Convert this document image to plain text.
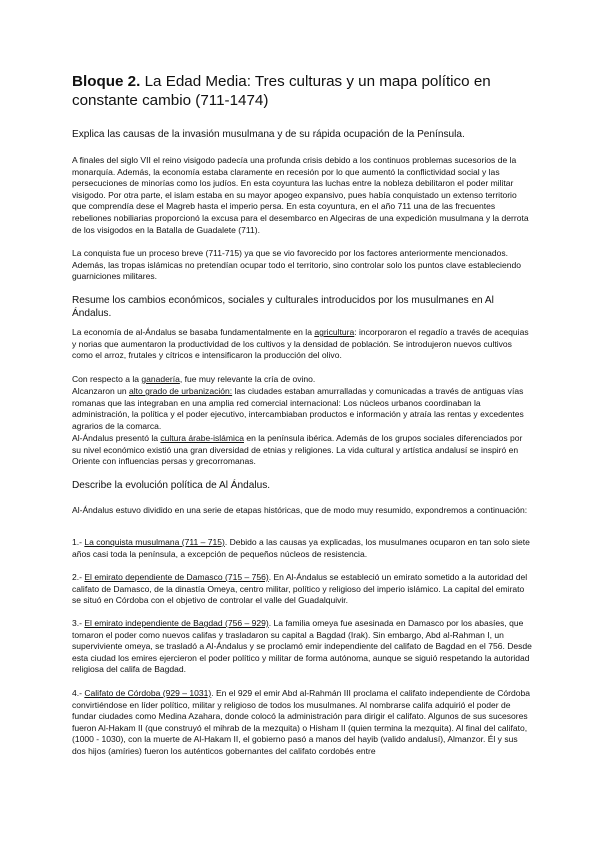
Bloque 2. La Edad Media: Tres culturas y un mapa político en constante cambio (711-1474)

Explica las causas de la invasión musulmana y de su rápida ocupación de la Península.

A finales del siglo VII el reino visigodo padecía una profunda crisis debido a los continuos problemas sucesorios de la monarquía. Además, la economía estaba claramente en recesión por lo que aumentó la conflictividad social y las persecuciones de minorías como los judíos. En esta coyuntura las luchas entre la nobleza debilitaron el poder militar visigodo. Por otra parte, el islam estaba en su mayor apogeo expansivo, pues había conquistado un extenso territorio que comprendía dese el Magreb hasta el imperio persa. En esta coyuntura, en el año 711 una de las frecuentes rebeliones nobiliarias proporcionó la excusa para el desembarco en Algeciras de una expedición musulmana y la derrota de los visigodos en la Batalla de Guadalete (711).

La conquista fue un proceso breve (711-715) ya que se vio favorecido por los factores anteriormente mencionados. Además, las tropas islámicas no pretendían ocupar todo el territorio, sino controlar solo los puntos clave estableciendo guarniciones militares.

Resume los cambios económicos, sociales y culturales introducidos por los musulmanes en Al Ándalus.

La economía de al-Ándalus se basaba fundamentalmente en la agricultura: incorporaron el regadío a través de acequias y norias que aumentaron la productividad de los cultivos y la densidad de población. Se introdujeron nuevos cultivos como el arroz, frutales y cítricos e intensificaron la producción del olivo.

Con respecto a la ganadería, fue muy relevante la cría de ovino.

Alcanzaron un alto grado de urbanización: las ciudades estaban amurralladas y comunicadas a través de antiguas vías romanas que las integraban en una amplia red comercial internacional: Los núcleos urbanos coordinaban la administración, la política y el poder ejecutivo, intercambiaban productos e información y atraía las rentas y excedentes agrarios de la comarca.

Al-Ándalus presentó la cultura árabe-islámica en la península ibérica. Además de los grupos sociales diferenciados por su nivel económico existió una gran diversidad de etnias y religiones. La vida cultural y artística andalusí se inspiró en Oriente con influencias persas y grecorromanas.

Describe la evolución política de Al Ándalus.

Al-Ándalus estuvo dividido en una serie de etapas históricas, que de modo muy resumido, expondremos a continuación:

1.- La conquista musulmana (711 – 715). Debido a las causas ya explicadas, los musulmanes ocuparon en tan solo siete años casi toda la península, a excepción de pequeños núcleos de resistencia.

2.- El emirato dependiente de Damasco (715 – 756). En Al-Ándalus se estableció un emirato sometido a la autoridad del califato de Damasco, de la dinastía Omeya, centro militar, político y religioso del imperio islámico. La capital del emirato se situó en Córdoba con el objetivo de controlar el valle del Guadalquivir.

3.- El emirato independiente de Bagdad (756 – 929). La familia omeya fue asesinada en Damasco por los abasíes, que tomaron el poder como nuevos califas y trasladaron su capital a Bagdad (Irak). Sin embargo, Abd al-Rahman I, un superviviente omeya, se trasladó a Al-Ándalus y se proclamó emir independiente del califato de Bagdad en el 756. Desde esta ciudad los emires ejercieron el poder político y militar de forma autónoma, aunque se siguió respetando la autoridad religiosa del califa de Bagdad.

4.- Califato de Córdoba (929 – 1031). En el 929 el emir Abd al-Rahmán III proclama el califato independiente de Córdoba convirtiéndose en líder político, militar y religioso de todos los musulmanes. Al nombrarse califa adquirió el poder de fundar ciudades como Medina Azahara, donde colocó la administración para dirigir el califato. Algunos de sus sucesores fueron Al-Hakam II (que construyó el mihrab de la mezquita) o Hisham II (quien termina la mezquita). Al final del califato, (1000 - 1030), con la muerte de Al-Hakam II, el gobierno pasó a manos del hayib (valido andalusí), Almanzor. Él y sus dos hijos (amíries) fueron los auténticos gobernantes del califato cordobés entre
